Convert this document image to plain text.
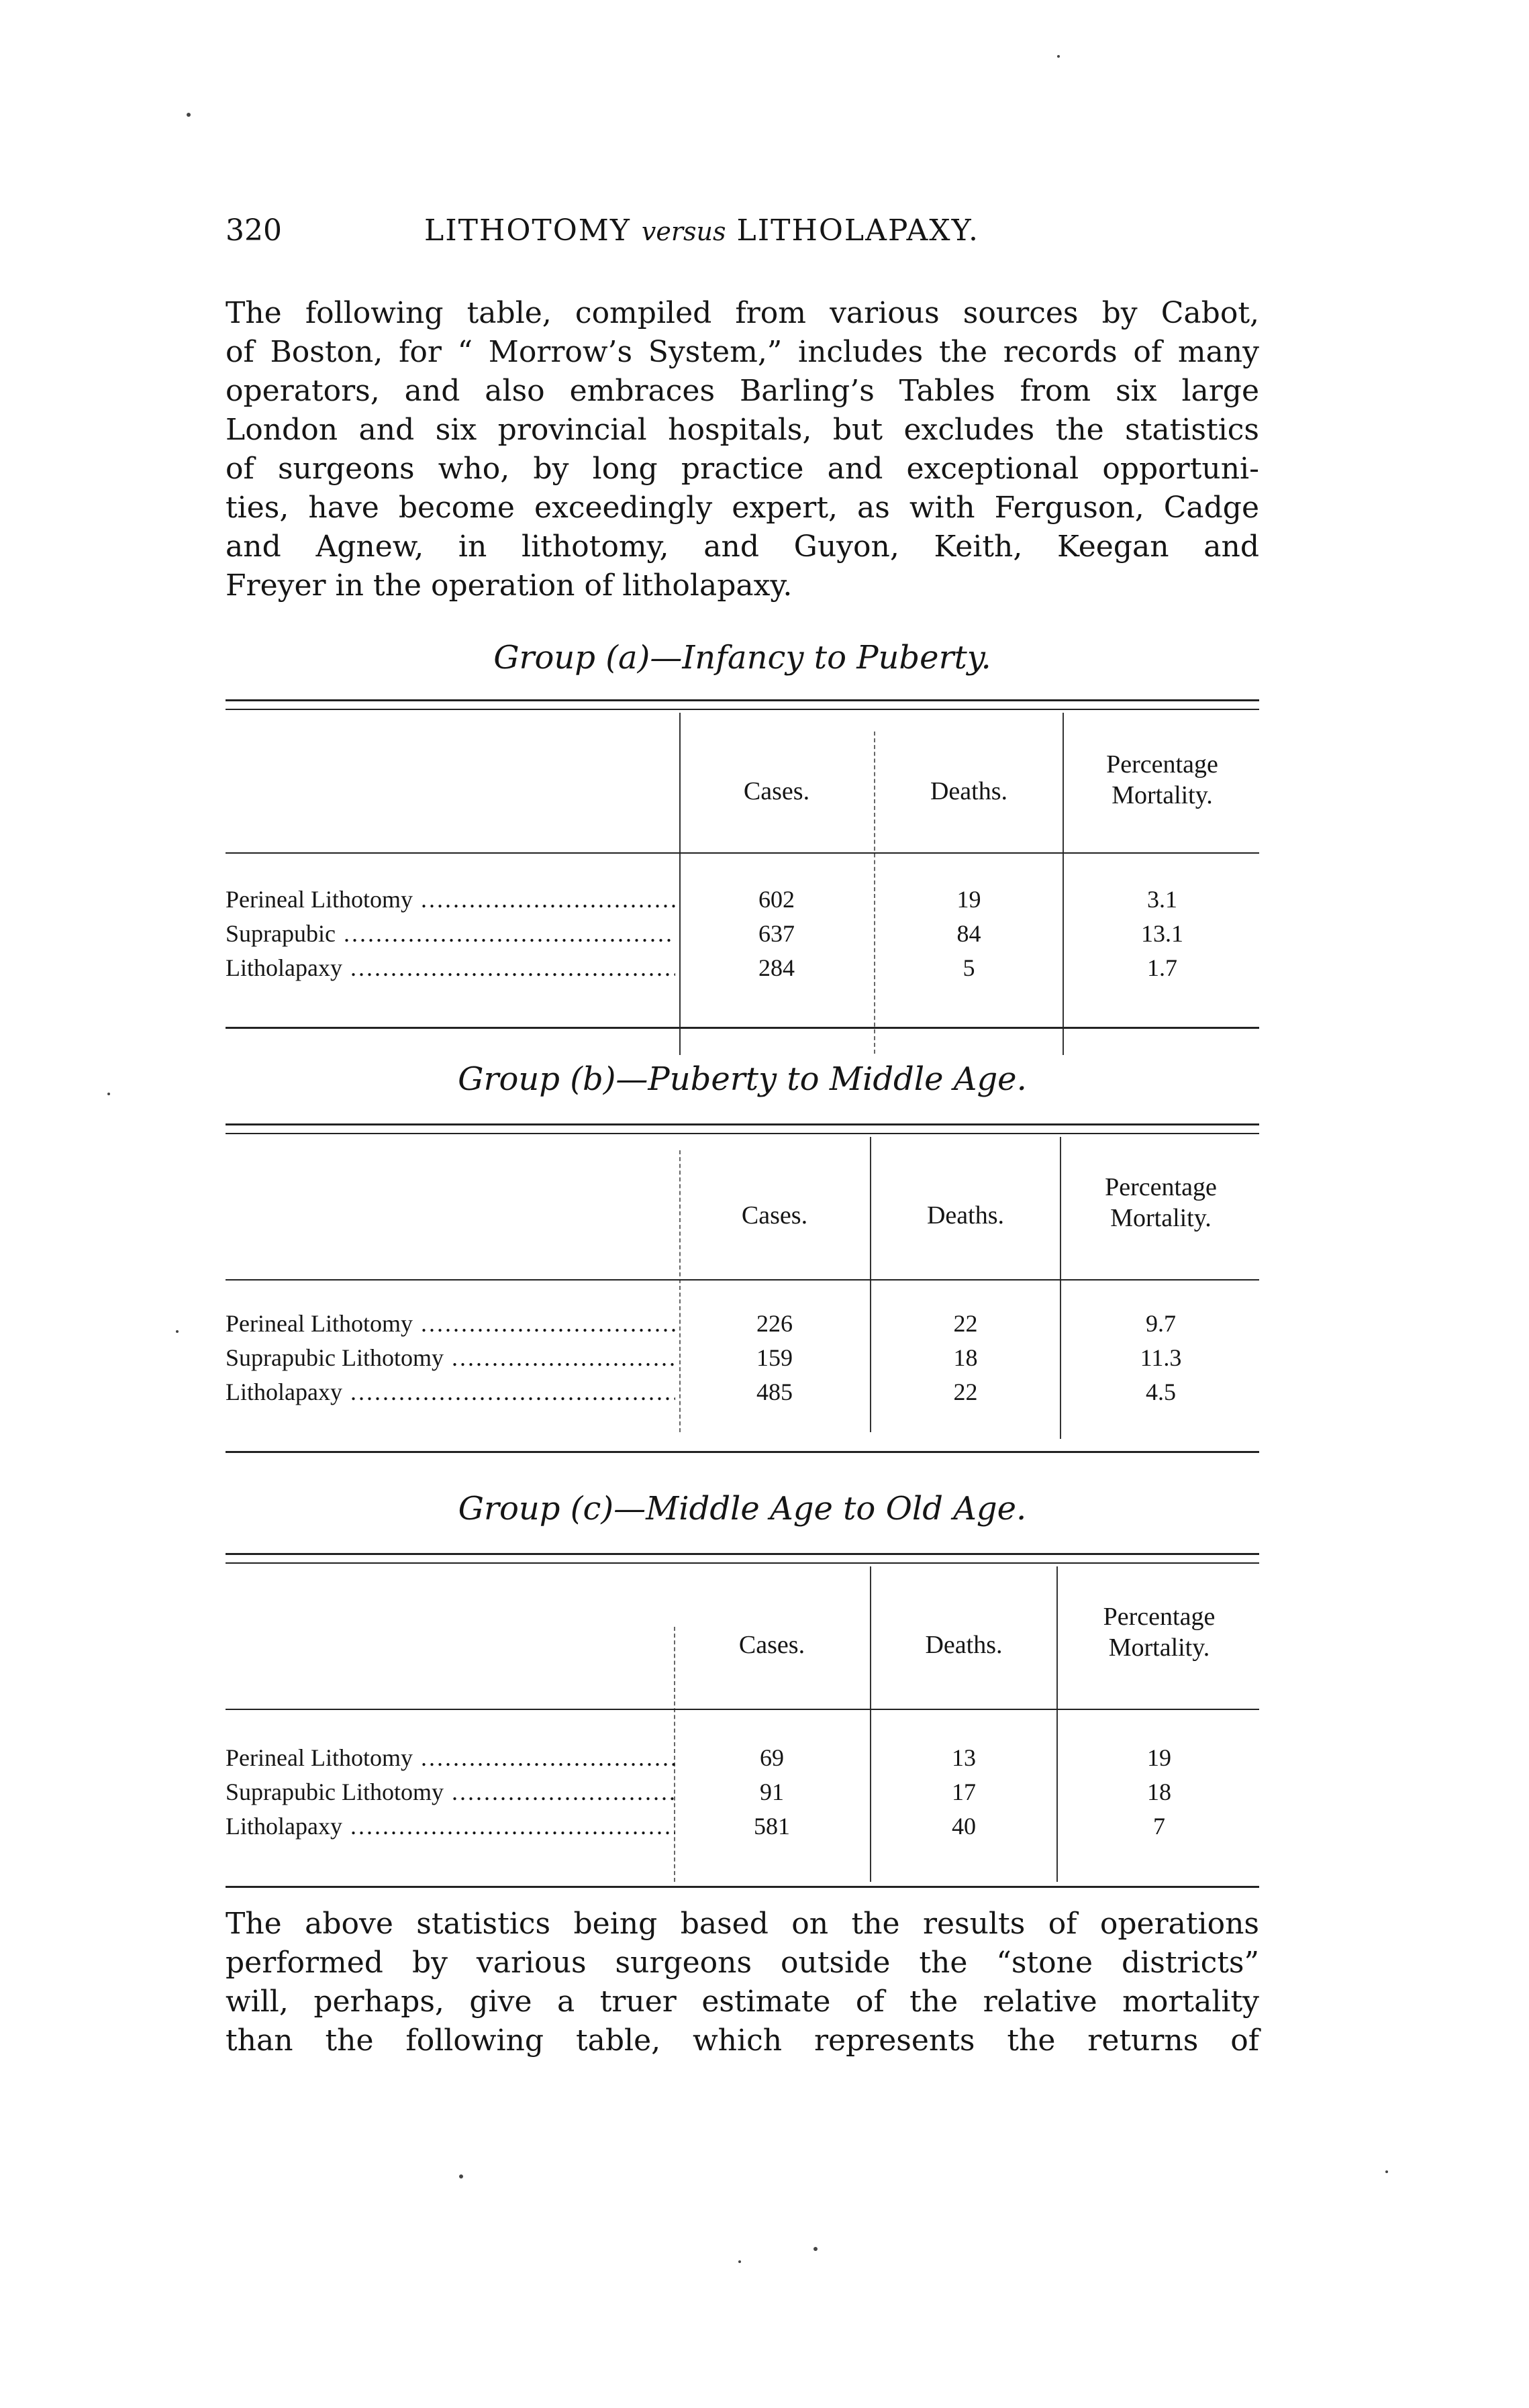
320	LITHOTOMY versus LITHOLAPAXY.
The following table, compiled from various sources by Cabot,
of Boston, for “ Morrow’s System,” includes the records of many
operators, and also embraces Barling’s Tables from six large
London and six provincial hospitals, but excludes the statistics
of surgeons who, by long practice and exceptional opportuni-
ties, have become exceedingly expert, as with Ferguson, Cadge
and Agnew, in lithotomy, and Guyon, Keith, Keegan and
Freyer in the operation of litholapaxy.
Group (a)—Infancy to Puberty.
Cases.	Deaths.
Percentage
Mortality.
Perineal Lithotomy .....	602	19	3.1
Suprapubic .....	637	84	13.1
Litholapaxy .....	284	5	1.7
Group (b)—Puberty to Middle Age.
Cases.	Deaths.
Percentage
Mortality.
Perineal Lithotomy .....	226	22	9.7
Suprapubic Lithotomy .....	159	18	11.3
Litholapaxy .....	485	22	4.5
Group (c)—Middle Age to Old Age.
Cases.	Deaths.
Percentage
Mortality.
Perineal Lithotomy .....	69	13	19
Suprapubic Lithotomy .....	91	17	18
Litholapaxy .....	581	40	7
The above statistics being based on the results of operations
performed by various surgeons outside the “stone districts”
will, perhaps, give a truer estimate of the relative mortality
than the following table, which represents the returns of
